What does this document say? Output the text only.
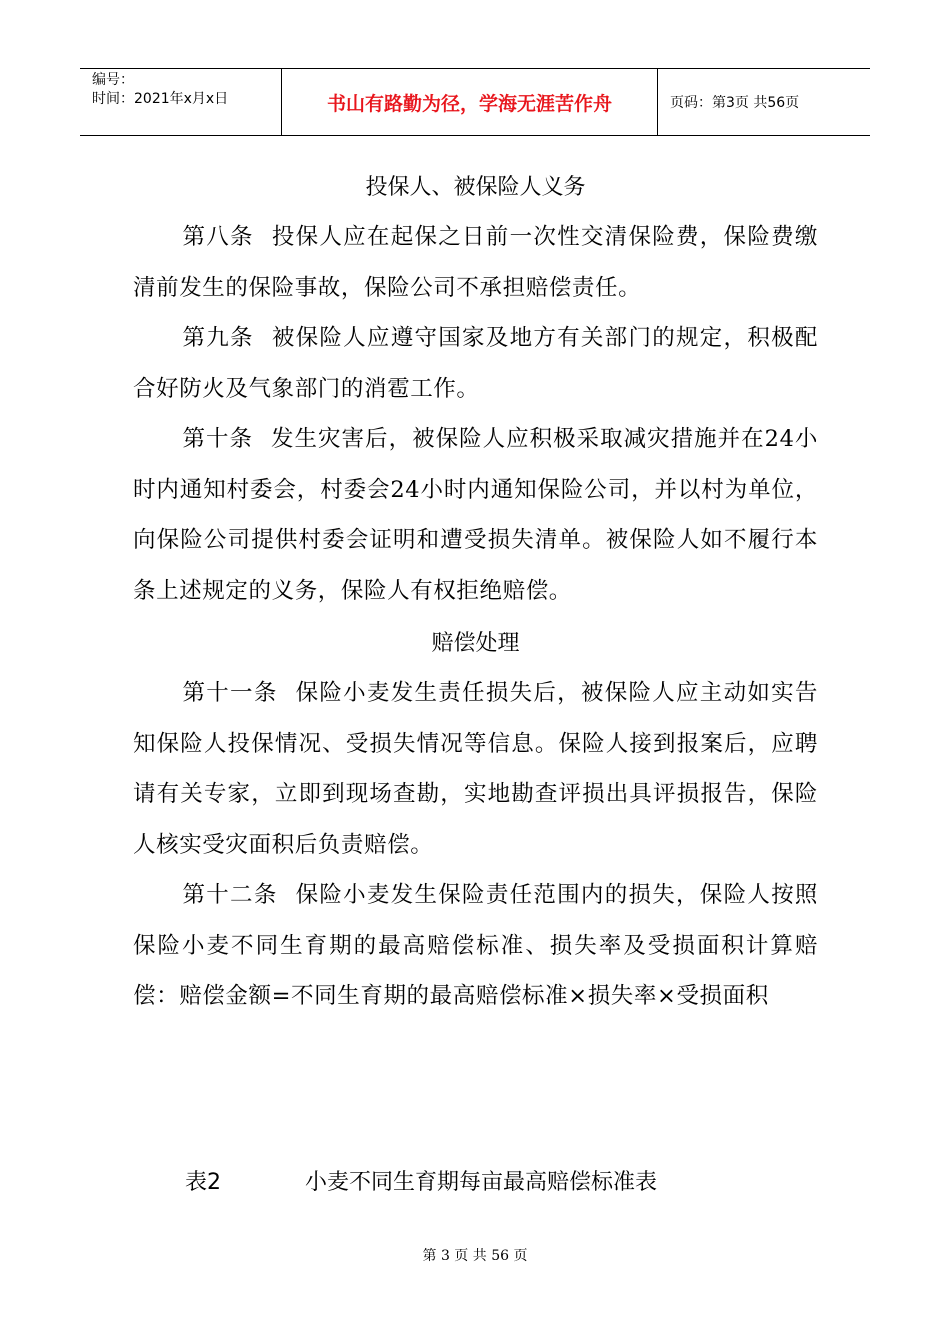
编号：
时间：2021年x月x日	书山有路勤为径，学海无涯苦作舟	页码：第3页 共56页
投保人、被保险人义务

第八条 投保人应在起保之日前一次性交清保险费，保险费缴清前发生的保险事故，保险公司不承担赔偿责任。

第九条 被保险人应遵守国家及地方有关部门的规定，积极配合好防火及气象部门的消雹工作。

第十条 发生灾害后，被保险人应积极采取减灾措施并在24小时内通知村委会，村委会24小时内通知保险公司，并以村为单位，向保险公司提供村委会证明和遭受损失清单。被保险人如不履行本条上述规定的义务，保险人有权拒绝赔偿。

赔偿处理

第十一条 保险小麦发生责任损失后，被保险人应主动如实告知保险人投保情况、受损失情况等信息。保险人接到报案后，应聘请有关专家，立即到现场查勘，实地勘查评损出具评损报告，保险人核实受灾面积后负责赔偿。

第十二条 保险小麦发生保险责任范围内的损失，保险人按照保险小麦不同生育期的最高赔偿标准、损失率及受损面积计算赔偿：赔偿金额=不同生育期的最高赔偿标准×损失率×受损面积

表2	小麦不同生育期每亩最高赔偿标准表
第 3 页 共 56 页
